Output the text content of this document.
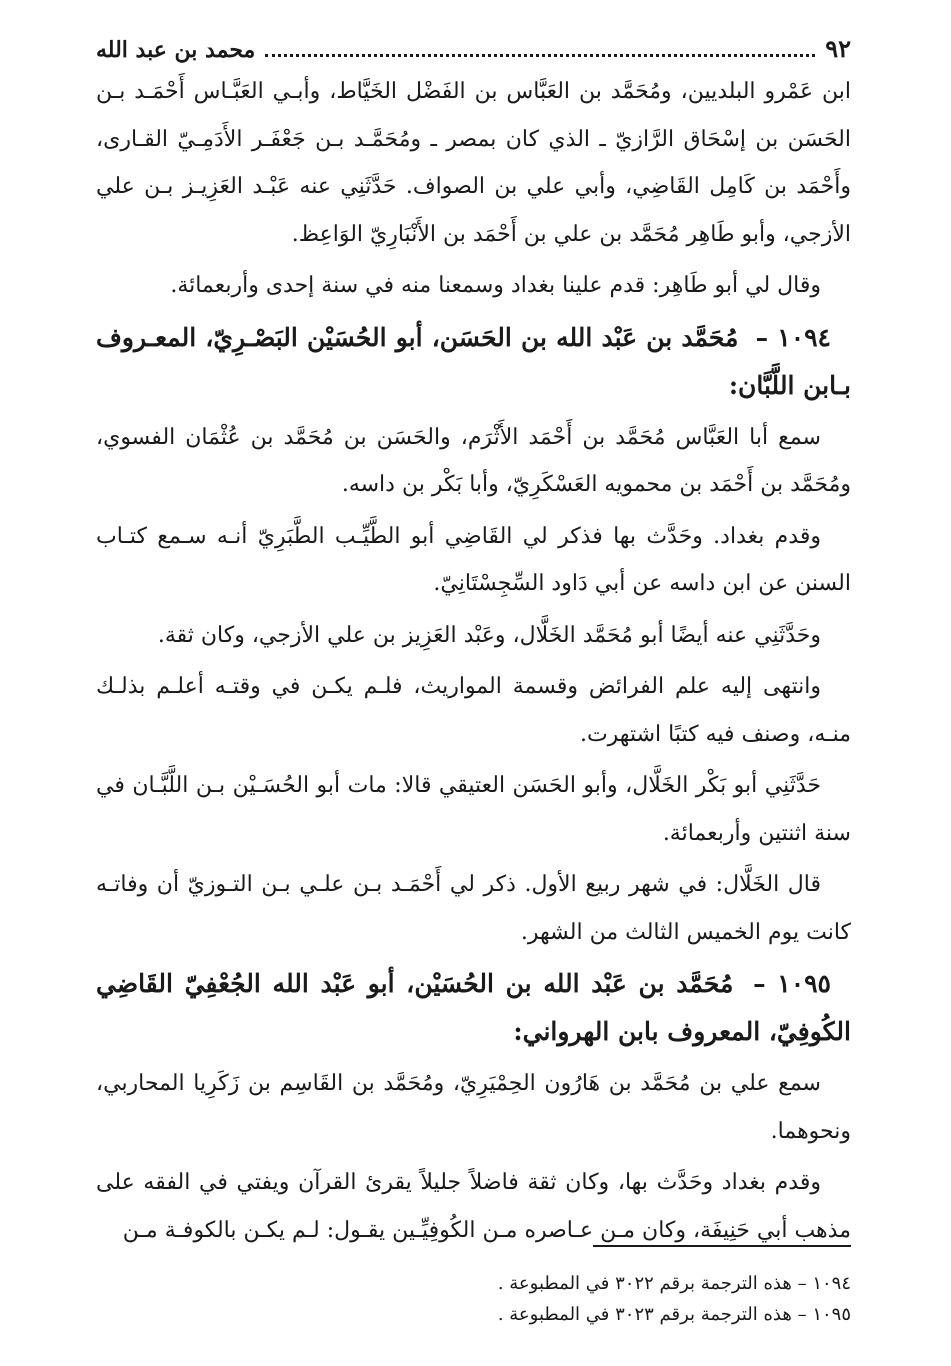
٩٢
محمد بن عبد الله

ابن عَمْرو البلديين، ومُحَمَّد بن العَبَّاس بن الفَضْل الخَيَّاط، وأبـي العَبَّـاس أَحْمَـد بـن الحَسَن بن إسْحَاق الرَّازيّ ـ الذي كان بمصر ـ ومُحَمَّـد بـن جَعْفَـر الأَدَمِـيّ القـارى، وأَحْمَد بن كَامِل القَاضِي، وأبي علي بن الصواف. حَدَّثَنِي عنه عَبْـد العَزِيـز بـن علي الأزجي، وأبو طَاهِر مُحَمَّد بن علي بن أَحْمَد بن الأَنْبَارِيّ الوَاعِظ.

وقال لي أبو طَاهِر: قدم علينا بغداد وسمعنا منه في سنة إحدى وأربعمائة.

١٠٩٤ – مُحَمَّد بن عَبْد الله بن الحَسَن، أبو الحُسَيْن البَصْـرِيّ، المعـروف بـابن اللَّبَّان:

سمع أبا العَبَّاس مُحَمَّد بن أَحْمَد الأَثْرَم، والحَسَن بن مُحَمَّد بن عُثْمَان الفسوي، ومُحَمَّد بن أَحْمَد بن محمويه العَسْكَرِيّ، وأبا بَكْر بن داسه.

وقدم بغداد. وحَدَّث بها فذكر لي القَاضِي أبو الطَّيِّـب الطَّبَرِيّ أنـه سـمع كتـاب السنن عن ابن داسه عن أبي دَاود السِّجِسْتَانِيّ.

وحَدَّثَنِي عنه أيضًا أبو مُحَمَّد الخَلَّال، وعَبْد العَزِيز بن علي الأزجي، وكان ثقة.

وانتهى إليه علم الفرائض وقسمة المواريث، فلـم يكـن في وقتـه أعلـم بذلـك منـه، وصنف فيه كتبًا اشتهرت.

حَدَّثَنِي أبو بَكْر الخَلَّال، وأبو الحَسَن العتيقي قالا: مات أبو الحُسَـيْن بـن اللَّبَّـان في سنة اثنتين وأربعمائة.

قال الخَلَّال: في شهر ربيع الأول. ذكر لي أَحْمَـد بـن علـي بـن التـوزيّ أن وفاتـه كانت يوم الخميس الثالث من الشهر.

١٠٩٥ – مُحَمَّد بن عَبْد الله بن الحُسَيْن، أبو عَبْد الله الجُعْفِيّ القَاضِي الكُوفِيّ، المعروف بابن الهرواني:

سمع علي بن مُحَمَّد بن هَارُون الحِمْيَرِيّ، ومُحَمَّد بن القَاسِم بن زَكَرِيا المحاربي، ونحوهما.

وقدم بغداد وحَدَّث بها، وكان ثقة فاضلاً جليلاً يقرئ القرآن ويفتي في الفقه على مذهب أبي حَنِيفَة، وكان مـن عـاصره مـن الكُوفِيِّـين يقـول: لـم يكـن بالكوفـة مـن

١٠٩٤ – هذه الترجمة برقم ٣٠٢٢ في المطبوعة .
١٠٩٥ – هذه الترجمة برقم ٣٠٢٣ في المطبوعة .
